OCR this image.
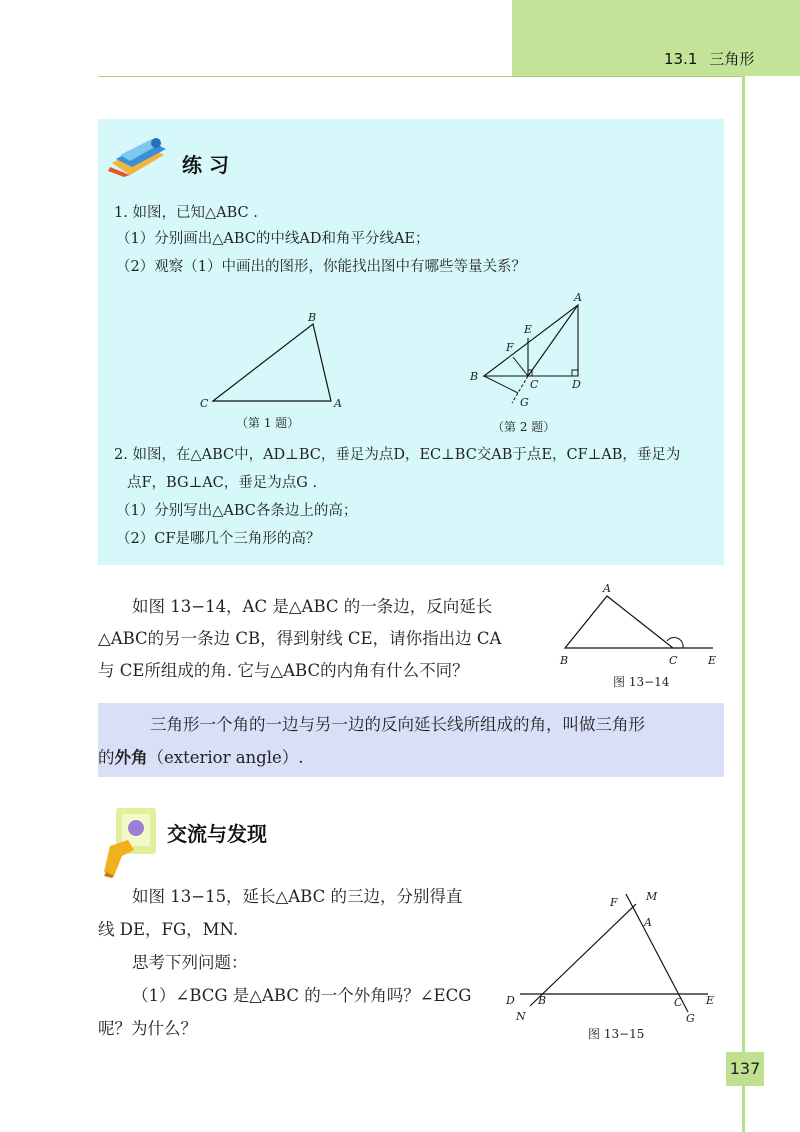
13.1 三角形
练 习
1. 如图，已知△ABC .
（1）分别画出△ABC的中线AD和角平分线AE；
（2）观察（1）中画出的图形，你能找出图中有哪些等量关系？
B
C	A
（第 1 题）
A
E
F
B
C	D
G
（第 2 题）
2. 如图，在△ABC中，AD⊥BC，垂足为点D，EC⊥BC交AB于点E，CF⊥AB，垂足为
点F，BG⊥AC，垂足为点G .
（1）分别写出△ABC各条边上的高；
（2）CF是哪几个三角形的高？
如图 13−14，AC 是△ABC 的一条边，反向延长
△ABC的另一条边 CB，得到射线 CE，请你指出边 CA
与 CE所组成的角. 它与△ABC的内角有什么不同？
A
B	C	E
图 13−14
三角形一个角的一边与另一边的反向延长线所组成的角，叫做三角形
的外角（exterior angle）.
交流与发现
如图 13−15，延长△ABC 的三边，分别得直
线 DE，FG，MN.
思考下列问题：
（1）∠BCG 是△ABC 的一个外角吗？∠ECG
呢？为什么？
F	M
A
D B	C E
N	G
图 13−15
137
